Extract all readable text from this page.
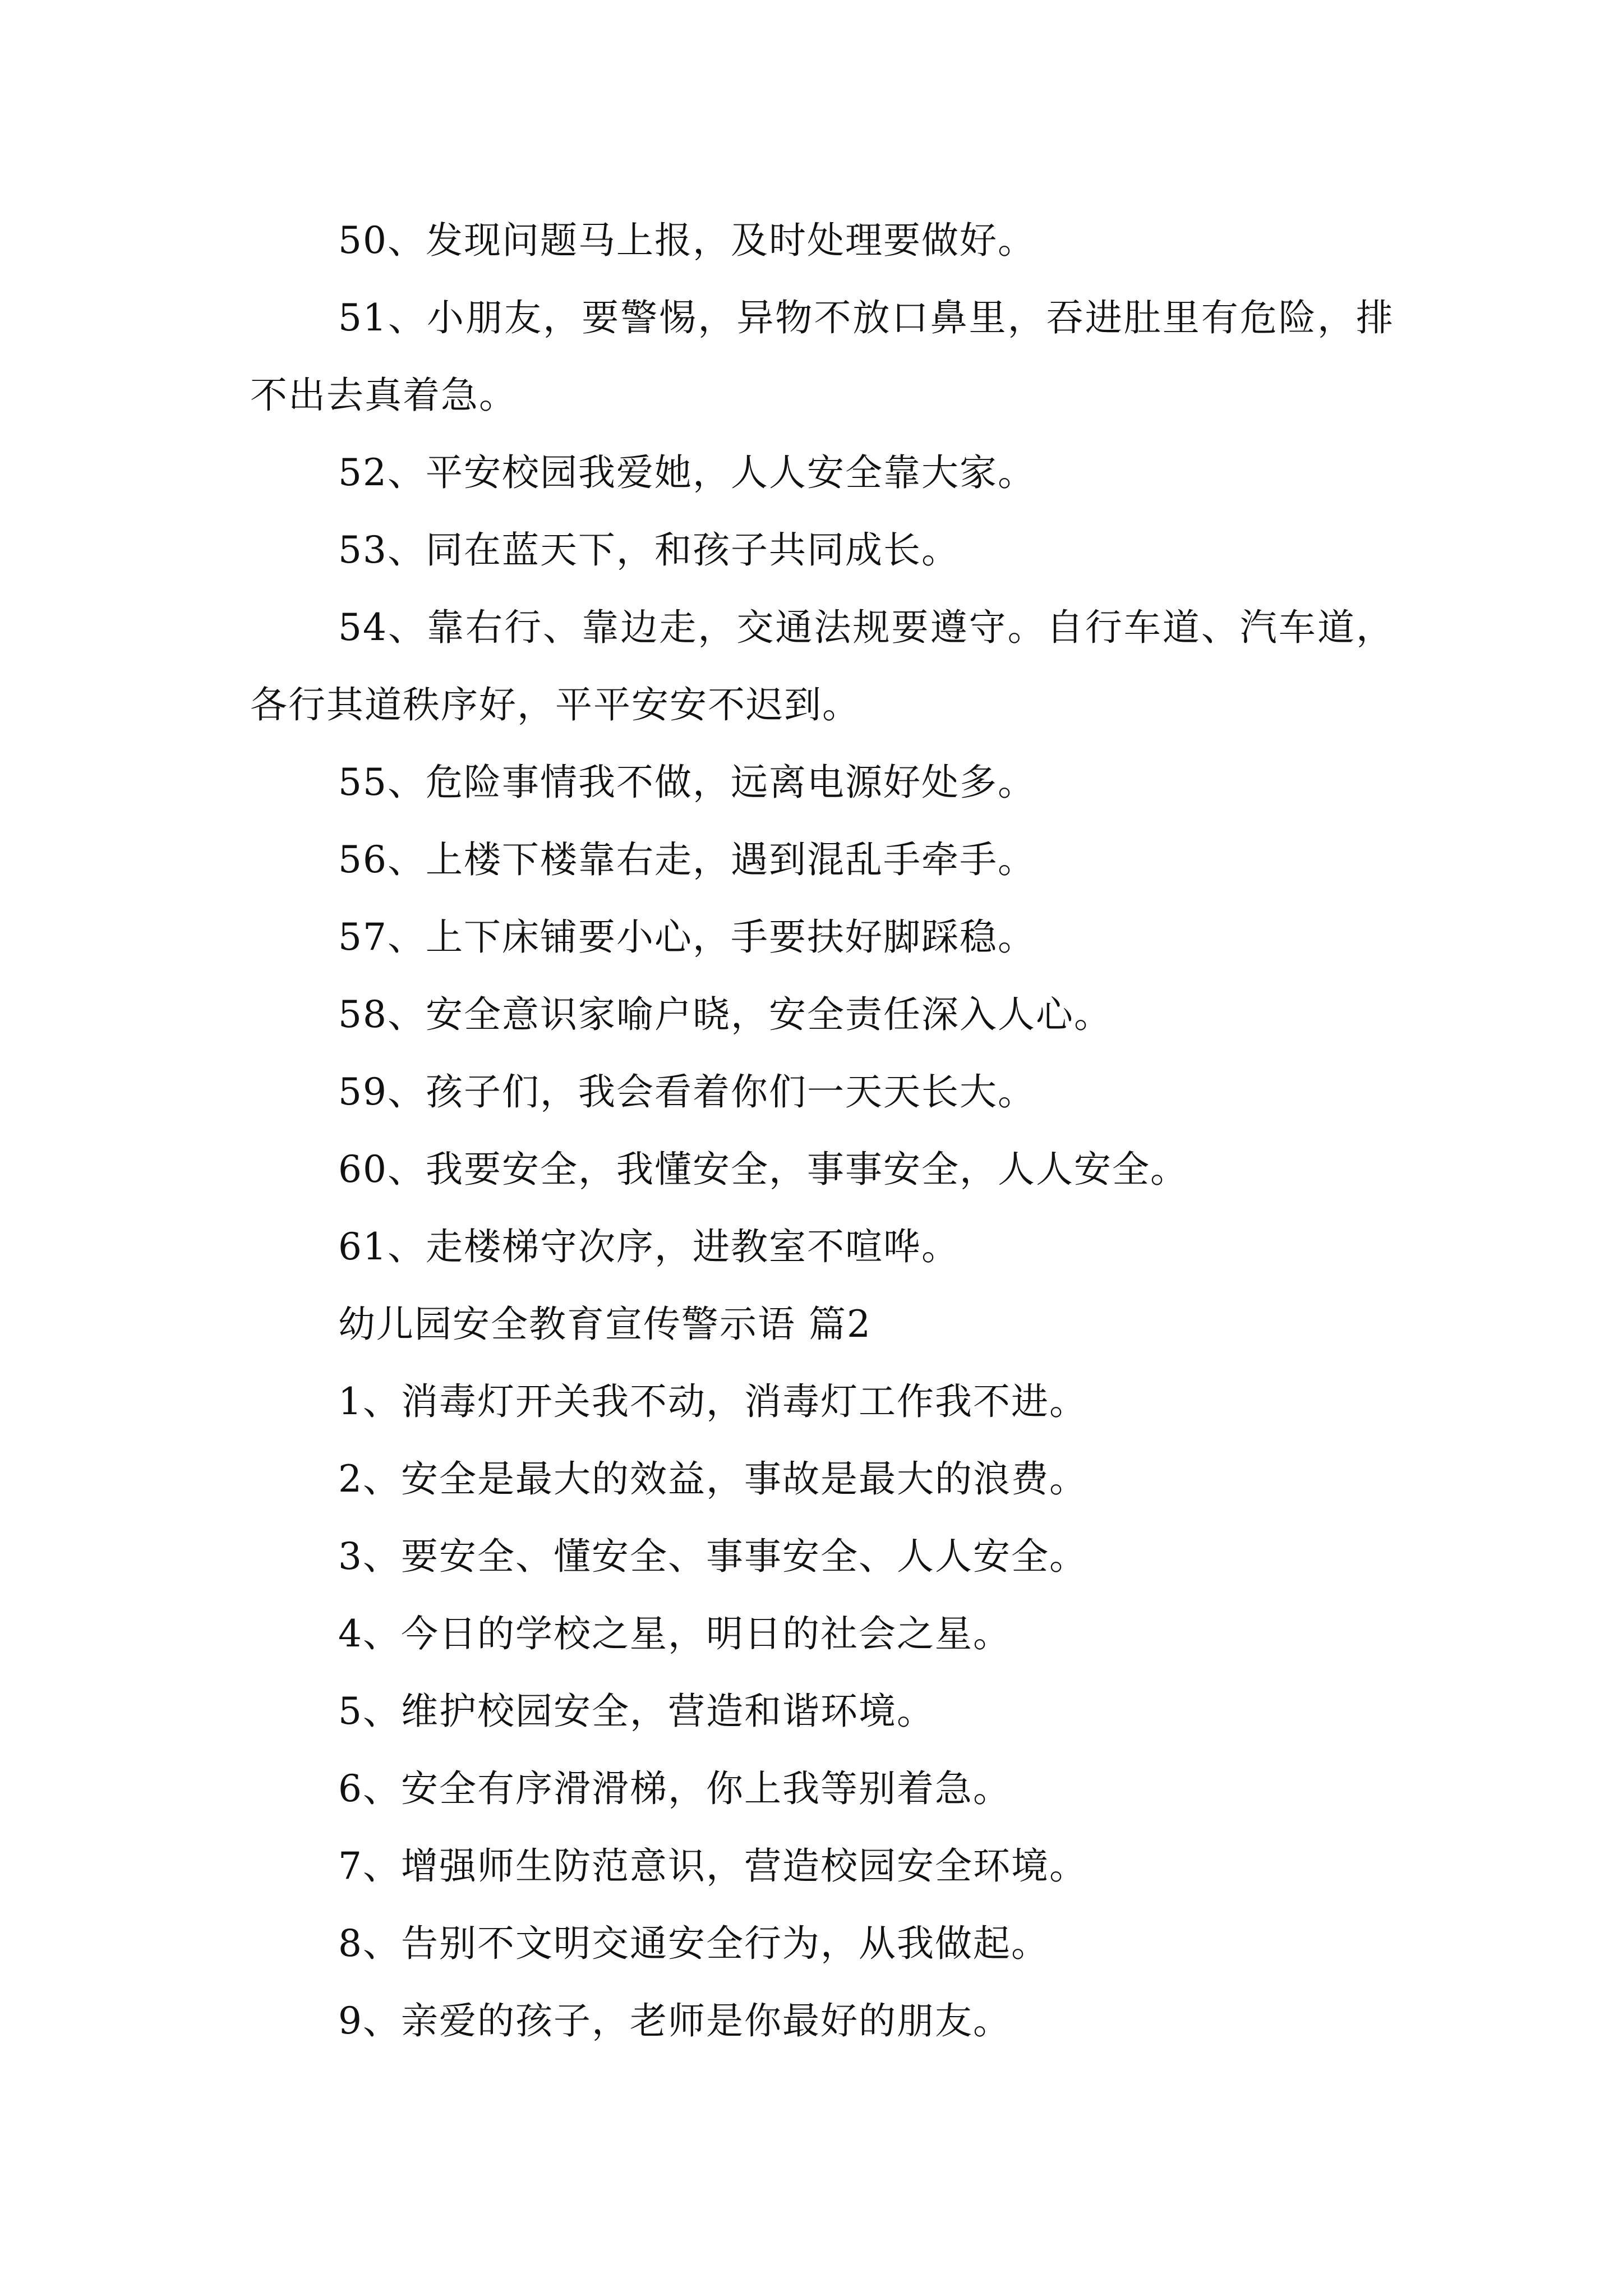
50、发现问题马上报，及时处理要做好。

51、小朋友，要警惕，异物不放口鼻里，吞进肚里有危险，排不出去真着急。

52、平安校园我爱她，人人安全靠大家。

53、同在蓝天下，和孩子共同成长。

54、靠右行、靠边走，交通法规要遵守。自行车道、汽车道，各行其道秩序好，平平安安不迟到。

55、危险事情我不做，远离电源好处多。

56、上楼下楼靠右走，遇到混乱手牵手。

57、上下床铺要小心，手要扶好脚踩稳。

58、安全意识家喻户晓，安全责任深入人心。

59、孩子们，我会看着你们一天天长大。

60、我要安全，我懂安全，事事安全，人人安全。

61、走楼梯守次序，进教室不喧哗。

幼儿园安全教育宣传警示语 篇2

1、消毒灯开关我不动，消毒灯工作我不进。

2、安全是最大的效益，事故是最大的浪费。

3、要安全、懂安全、事事安全、人人安全。

4、今日的学校之星，明日的社会之星。

5、维护校园安全，营造和谐环境。

6、安全有序滑滑梯，你上我等别着急。

7、增强师生防范意识，营造校园安全环境。

8、告别不文明交通安全行为，从我做起。

9、亲爱的孩子，老师是你最好的朋友。
